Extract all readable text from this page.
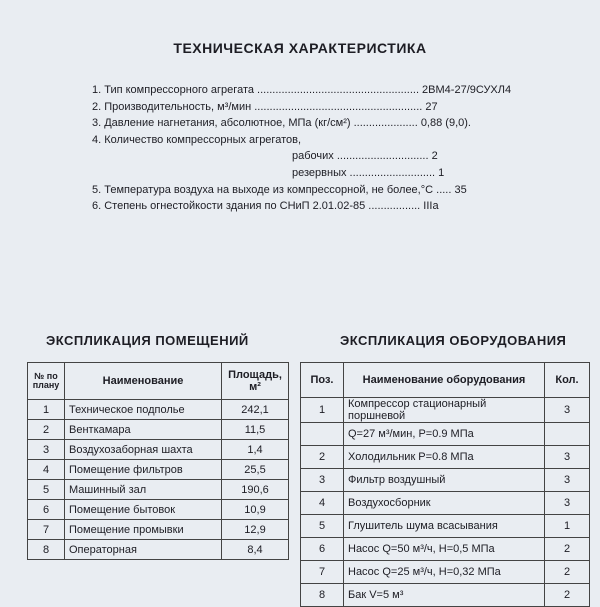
ТЕХНИЧЕСКАЯ ХАРАКТЕРИСТИКА
1. Тип компрессорного агрегата ..................................................... 2ВМ4-27/9СУХЛ4
2. Производительность, м³/мин ....................................................... 27
3. Давление нагнетания, абсолютное, МПа (кг/см²) ..................... 0,88 (9,0).
4. Количество компрессорных агрегатов,
рабочих .............................. 2
резервных ............................ 1
5. Температура воздуха на выходе из компрессорной, не более,°С ..... 35
6. Степень огнестойкости здания по СНиП 2.01.02-85 ................. IIIа
ЭКСПЛИКАЦИЯ ПОМЕЩЕНИЙ	ЭКСПЛИКАЦИЯ ОБОРУДОВАНИЯ
№ по плану	Наименование	Площадь, м²
1	Техническое подполье	242,1
2	Венткамара	11,5
3	Воздухозаборная шахта	1,4
4	Помещение фильтров	25,5
5	Машинный зал	190,6
6	Помещение бытовок	10,9
7	Помещение промывки	12,9
8	Операторная	8,4
Поз.	Наименование оборудования	Кол.
1	Компрессор стационарный поршневой	3
	Q=27 м³/мин, Р=0.9 МПа	
2	Холодильник Р=0.8 МПа	3
3	Фильтр воздушный	3
4	Воздухосборник	3
5	Глушитель шума всасывания	1
6	Насос Q=50 м³/ч, Н=0,5 МПа	2
7	Насос Q=25 м³/ч, Н=0,32 МПа	2
8	Бак V=5 м³	2
